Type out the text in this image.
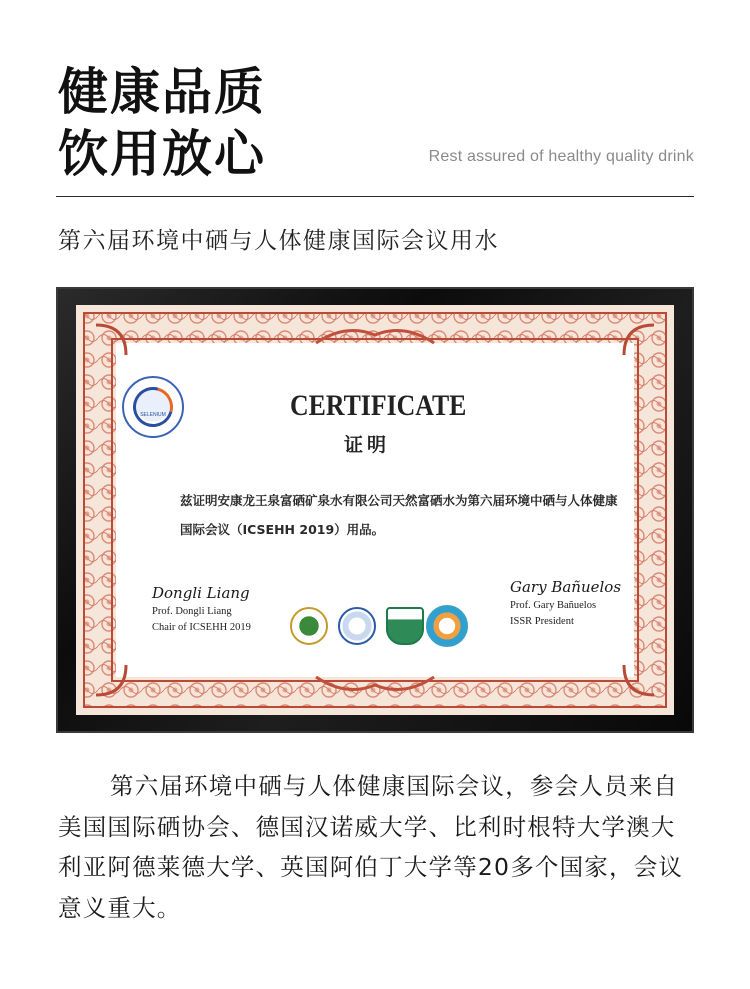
健康品质
饮用放心	Rest assured of healthy quality drink
第六届环境中硒与人体健康国际会议用水
SELENIUM	CERTIFICATE
证明
兹证明安康龙王泉富硒矿泉水有限公司天然富硒水为第六届环境中硒与人体健康国际会议（ICSEHH 2019）用品。
Dongli Liang
Prof. Dongli Liang
Chair of ICSEHH 2019
Gary Bañuelos
Prof. Gary Bañuelos
ISSR President
第六届环境中硒与人体健康国际会议，参会人员来自美国国际硒协会、德国汉诺威大学、比利时根特大学澳大利亚阿德莱德大学、英国阿伯丁大学等20多个国家，会议意义重大。
